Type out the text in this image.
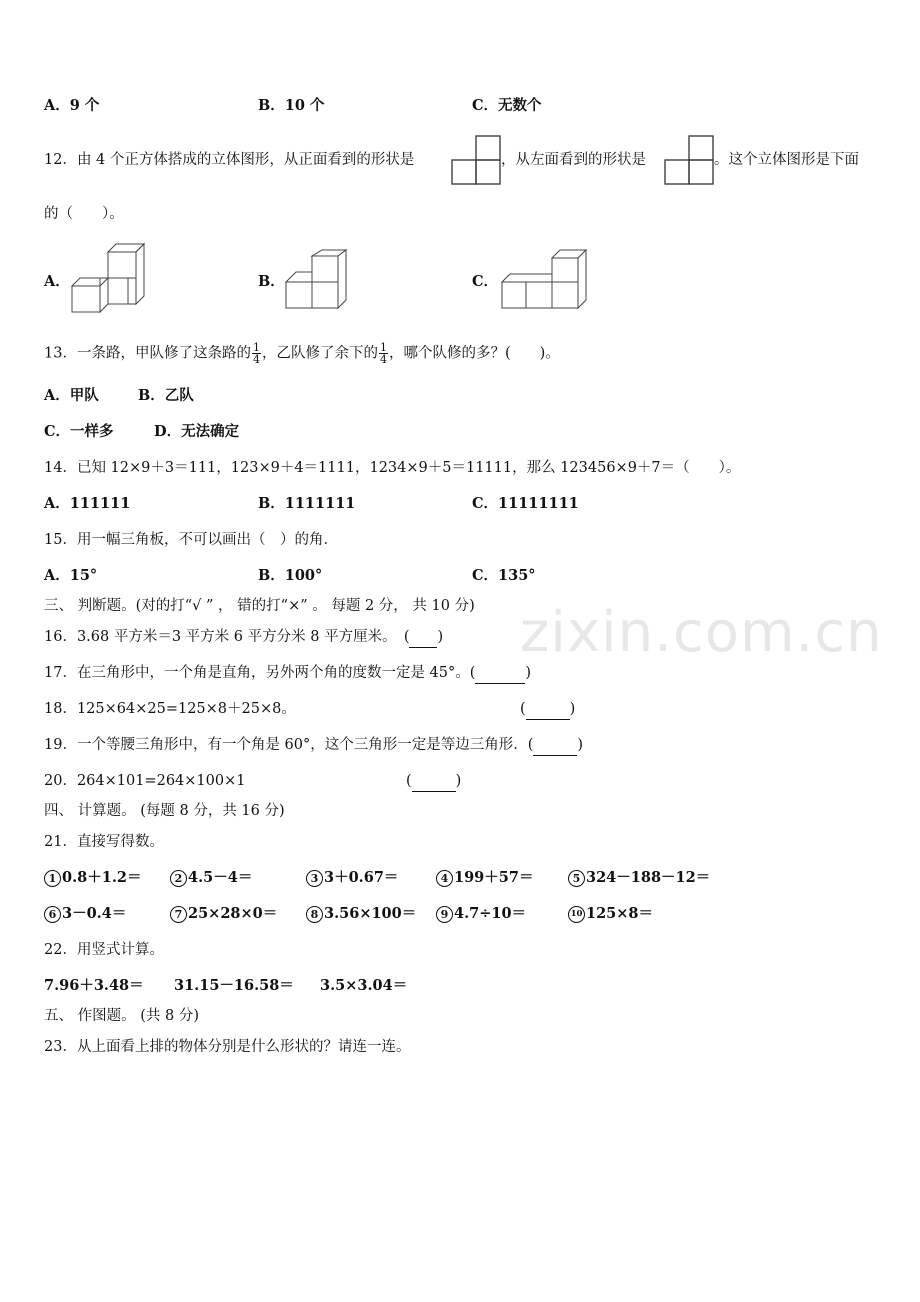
zixin.com.cn
A．9 个	B．10 个	C．无数个
12．由 4 个正方体搭成的立体图形，从正面看到的形状是	，从左面看到的形状是	。这个立体图形是下面
的（　　）。
A．	B．	C．
13．一条路，甲队修了这条路的 $\frac{1}{4}$ ，乙队修了余下的 $\frac{1}{4}$ ，哪个队修的多？(　　)。
A．甲队	B．乙队
C．一样多	D．无法确定
14．已知 12×9＋3＝111，123×9＋4＝1111，1234×9＋5＝11111，那么 123456×9＋7＝（　　）。
A．111111	B．1111111	C．11111111
15．用一幅三角板，不可以画出（　）的角．
A．15°	B．100°	C．135°
三、 判断题。(对的打“√ ” ， 错的打“×” 。 每题 2 分， 共 10 分)
16．3.68 平方米＝3 平方米 6 平方分米 8 平方厘米。　( )
17．在三角形中，一个角是直角，另外两个角的度数一定是 45°。(	)
18．125×64×25=125×8＋25×8。	(	)
19．一个等腰三角形中，有一个角是 60°，这个三角形一定是等边三角形．(	)
20．264×101=264×100×1	(	)
四、 计算题。 (每题 8 分，共 16 分)
21．直接写得数。
22．用竖式计算。
7.96＋3.48＝ 31.15－16.58＝ 3.5×3.04＝
五、 作图题。 (共 8 分)
23．从上面看上排的物体分别是什么形状的？请连一连。
1 0.8＋1.2＝	2 4.5－4＝	3 3＋0.67＝	4 199＋57＝	5 324－188－12＝
6 3－0.4＝	7 25×28×0＝	8 3.56×100＝	9 4.7÷10＝	10 125×8＝
